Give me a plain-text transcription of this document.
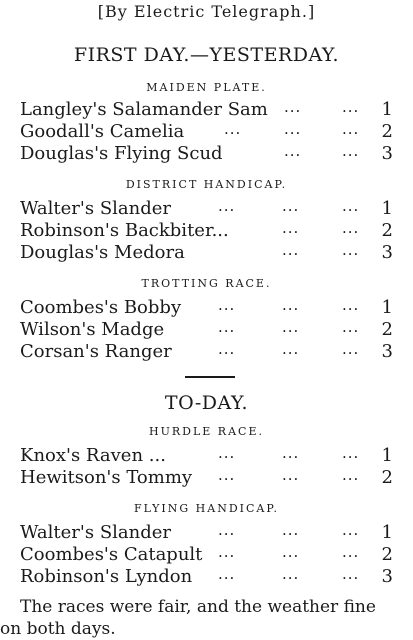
[By Electric Telegraph.]
FIRST DAY.—YESTERDAY.
MAIDEN PLATE.
Langley's Salamander Sam ...	... 1
Goodall's Camelia	...	...	... 2
Douglas's Flying Scud	...	... 3
DISTRICT HANDICAP.
Walter's Slander	...	...	... 1
Robinson's Backbiter...	...	... 2
Douglas's Medora	...	... 3
TROTTING RACE.
Coombes's Bobby ...	...	... 1
Wilson's Madge	...	...	... 2
Corsan's Ranger	...	...	... 3
TO-DAY.
HURDLE RACE.
Knox's Raven ...	...	...	... 1
Hewitson's Tommy ...	...	... 2
FLYING HANDICAP.
Walter's Slander	...	...	... 1
Coombes's Catapult ...	...	... 2
Robinson's Lyndon ...	...	... 3
The races were fair, and the weather fine
on both days.
